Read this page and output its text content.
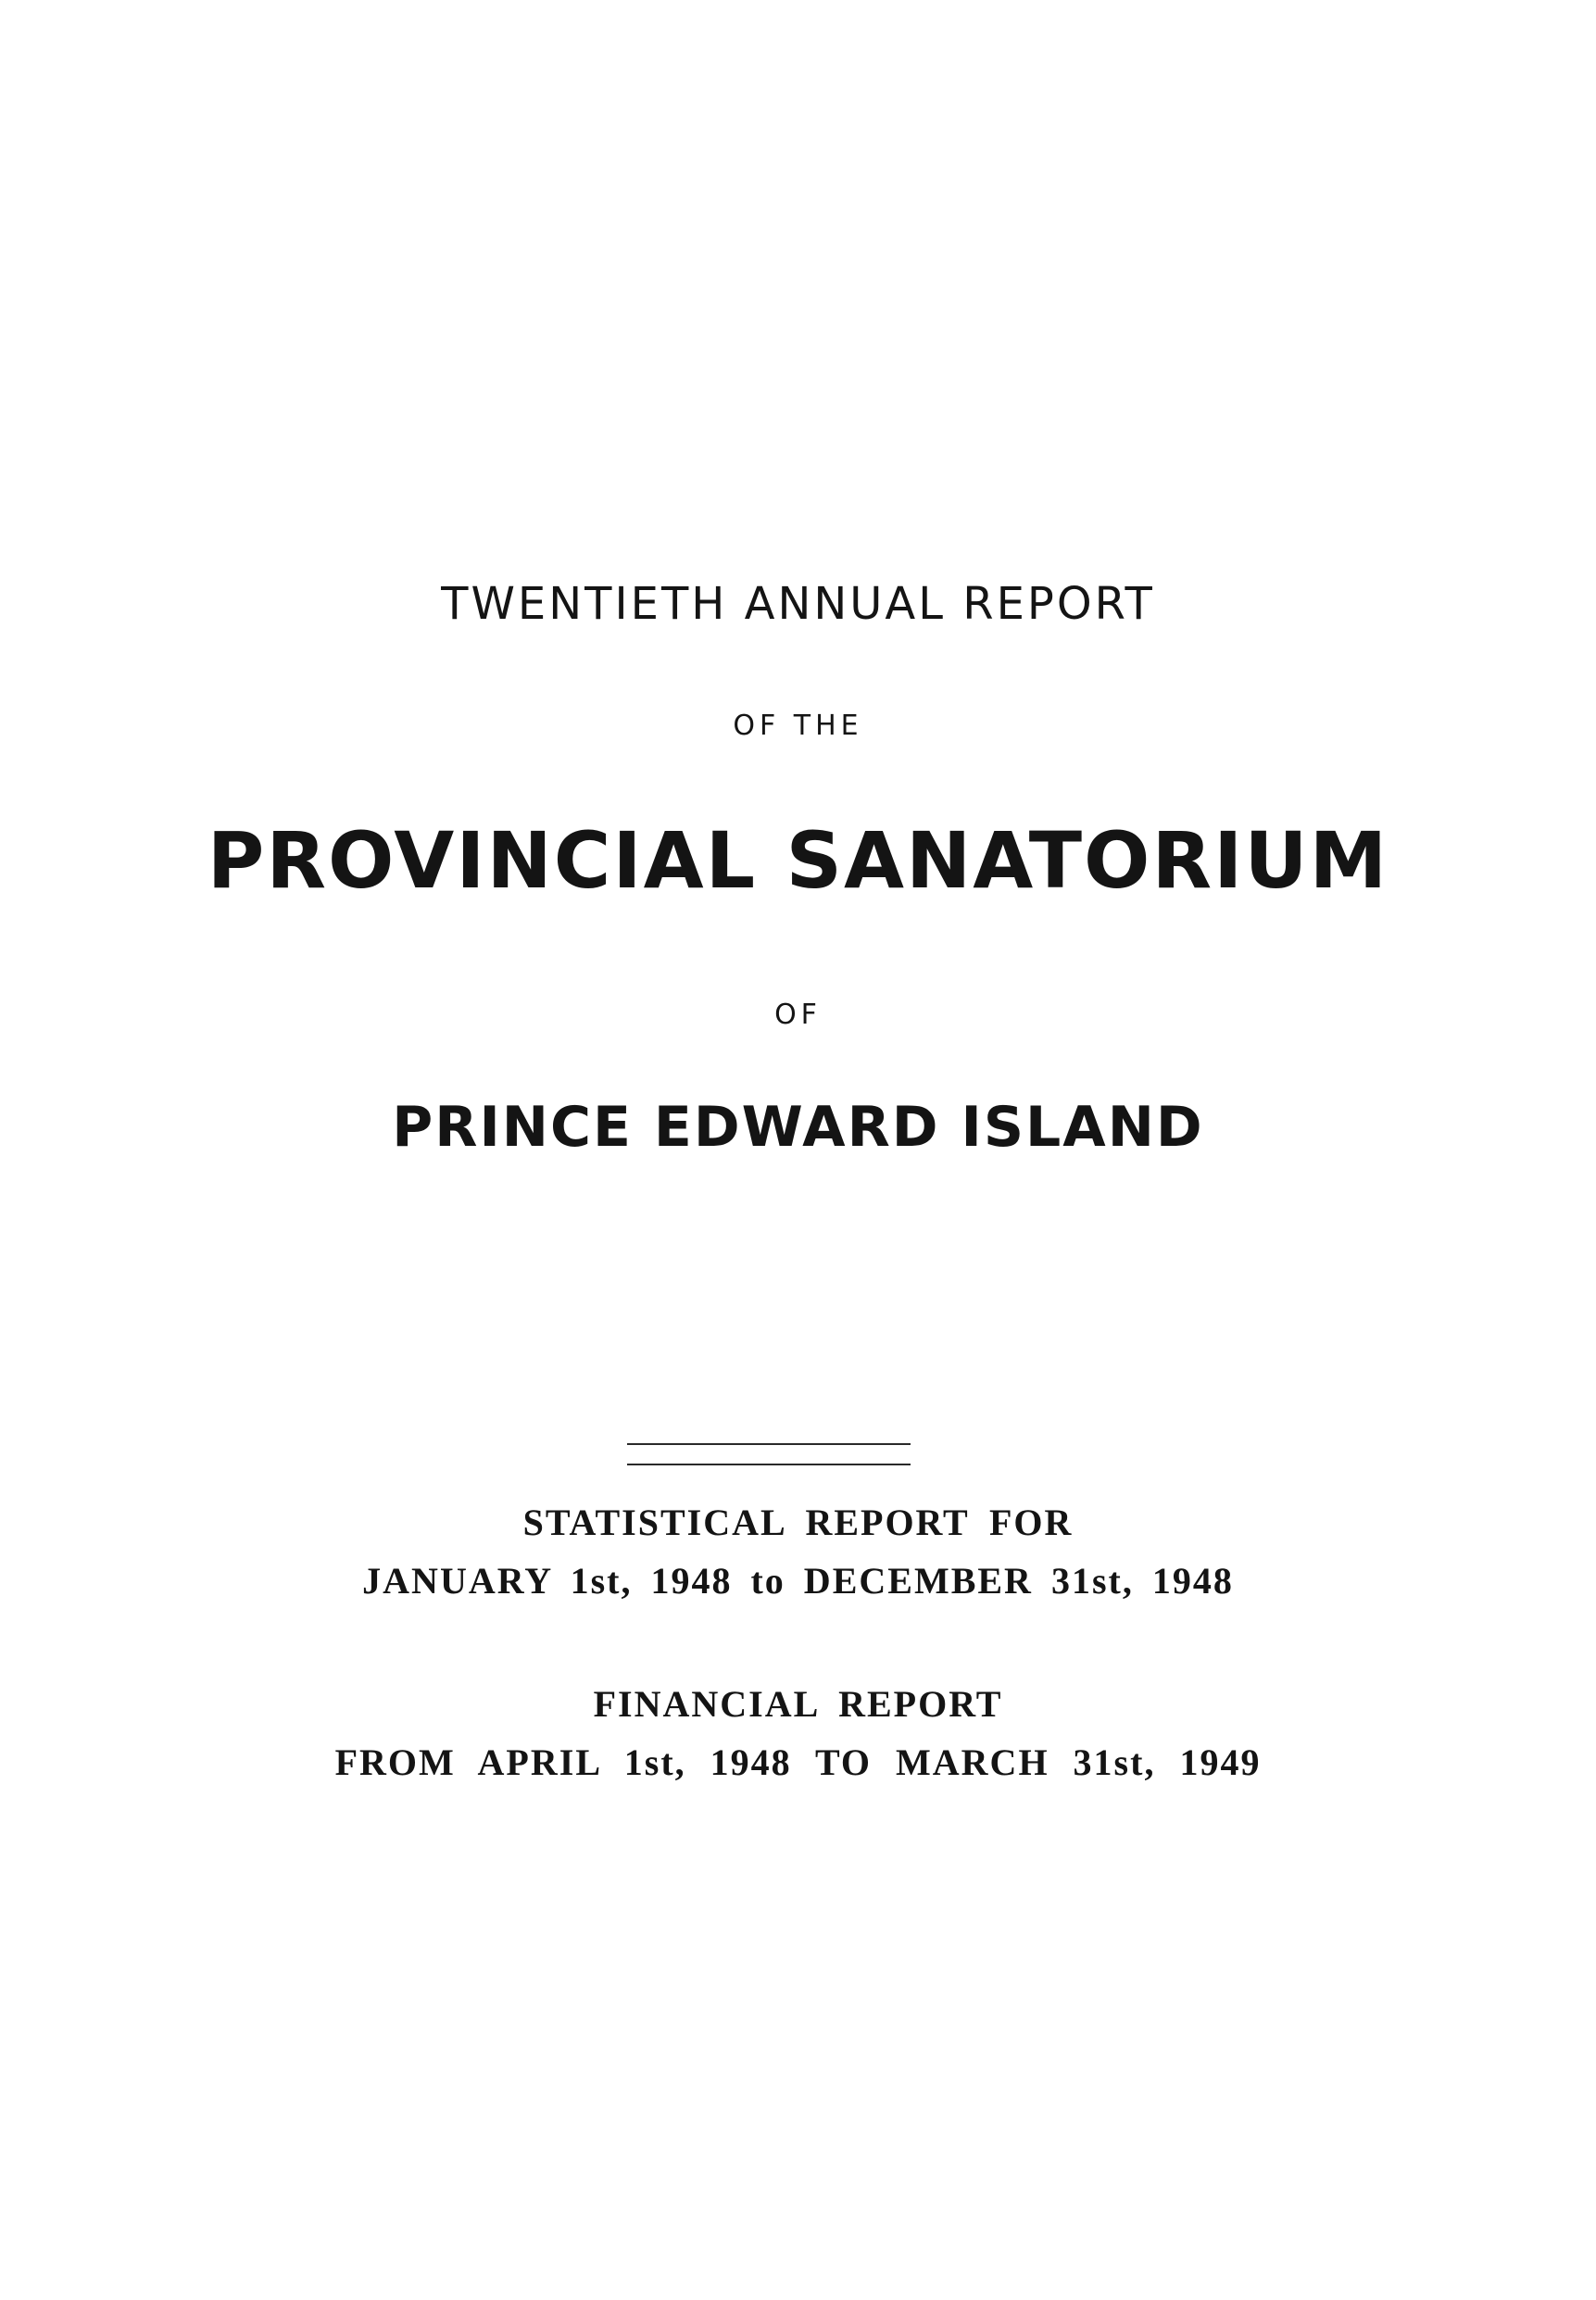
TWENTIETH ANNUAL REPORT
OF THE
PROVINCIAL SANATORIUM
OF
PRINCE EDWARD ISLAND
STATISTICAL REPORT FOR
JANUARY 1st, 1948 to DECEMBER 31st, 1948
FINANCIAL REPORT
FROM APRIL 1st, 1948 TO MARCH 31st, 1949
